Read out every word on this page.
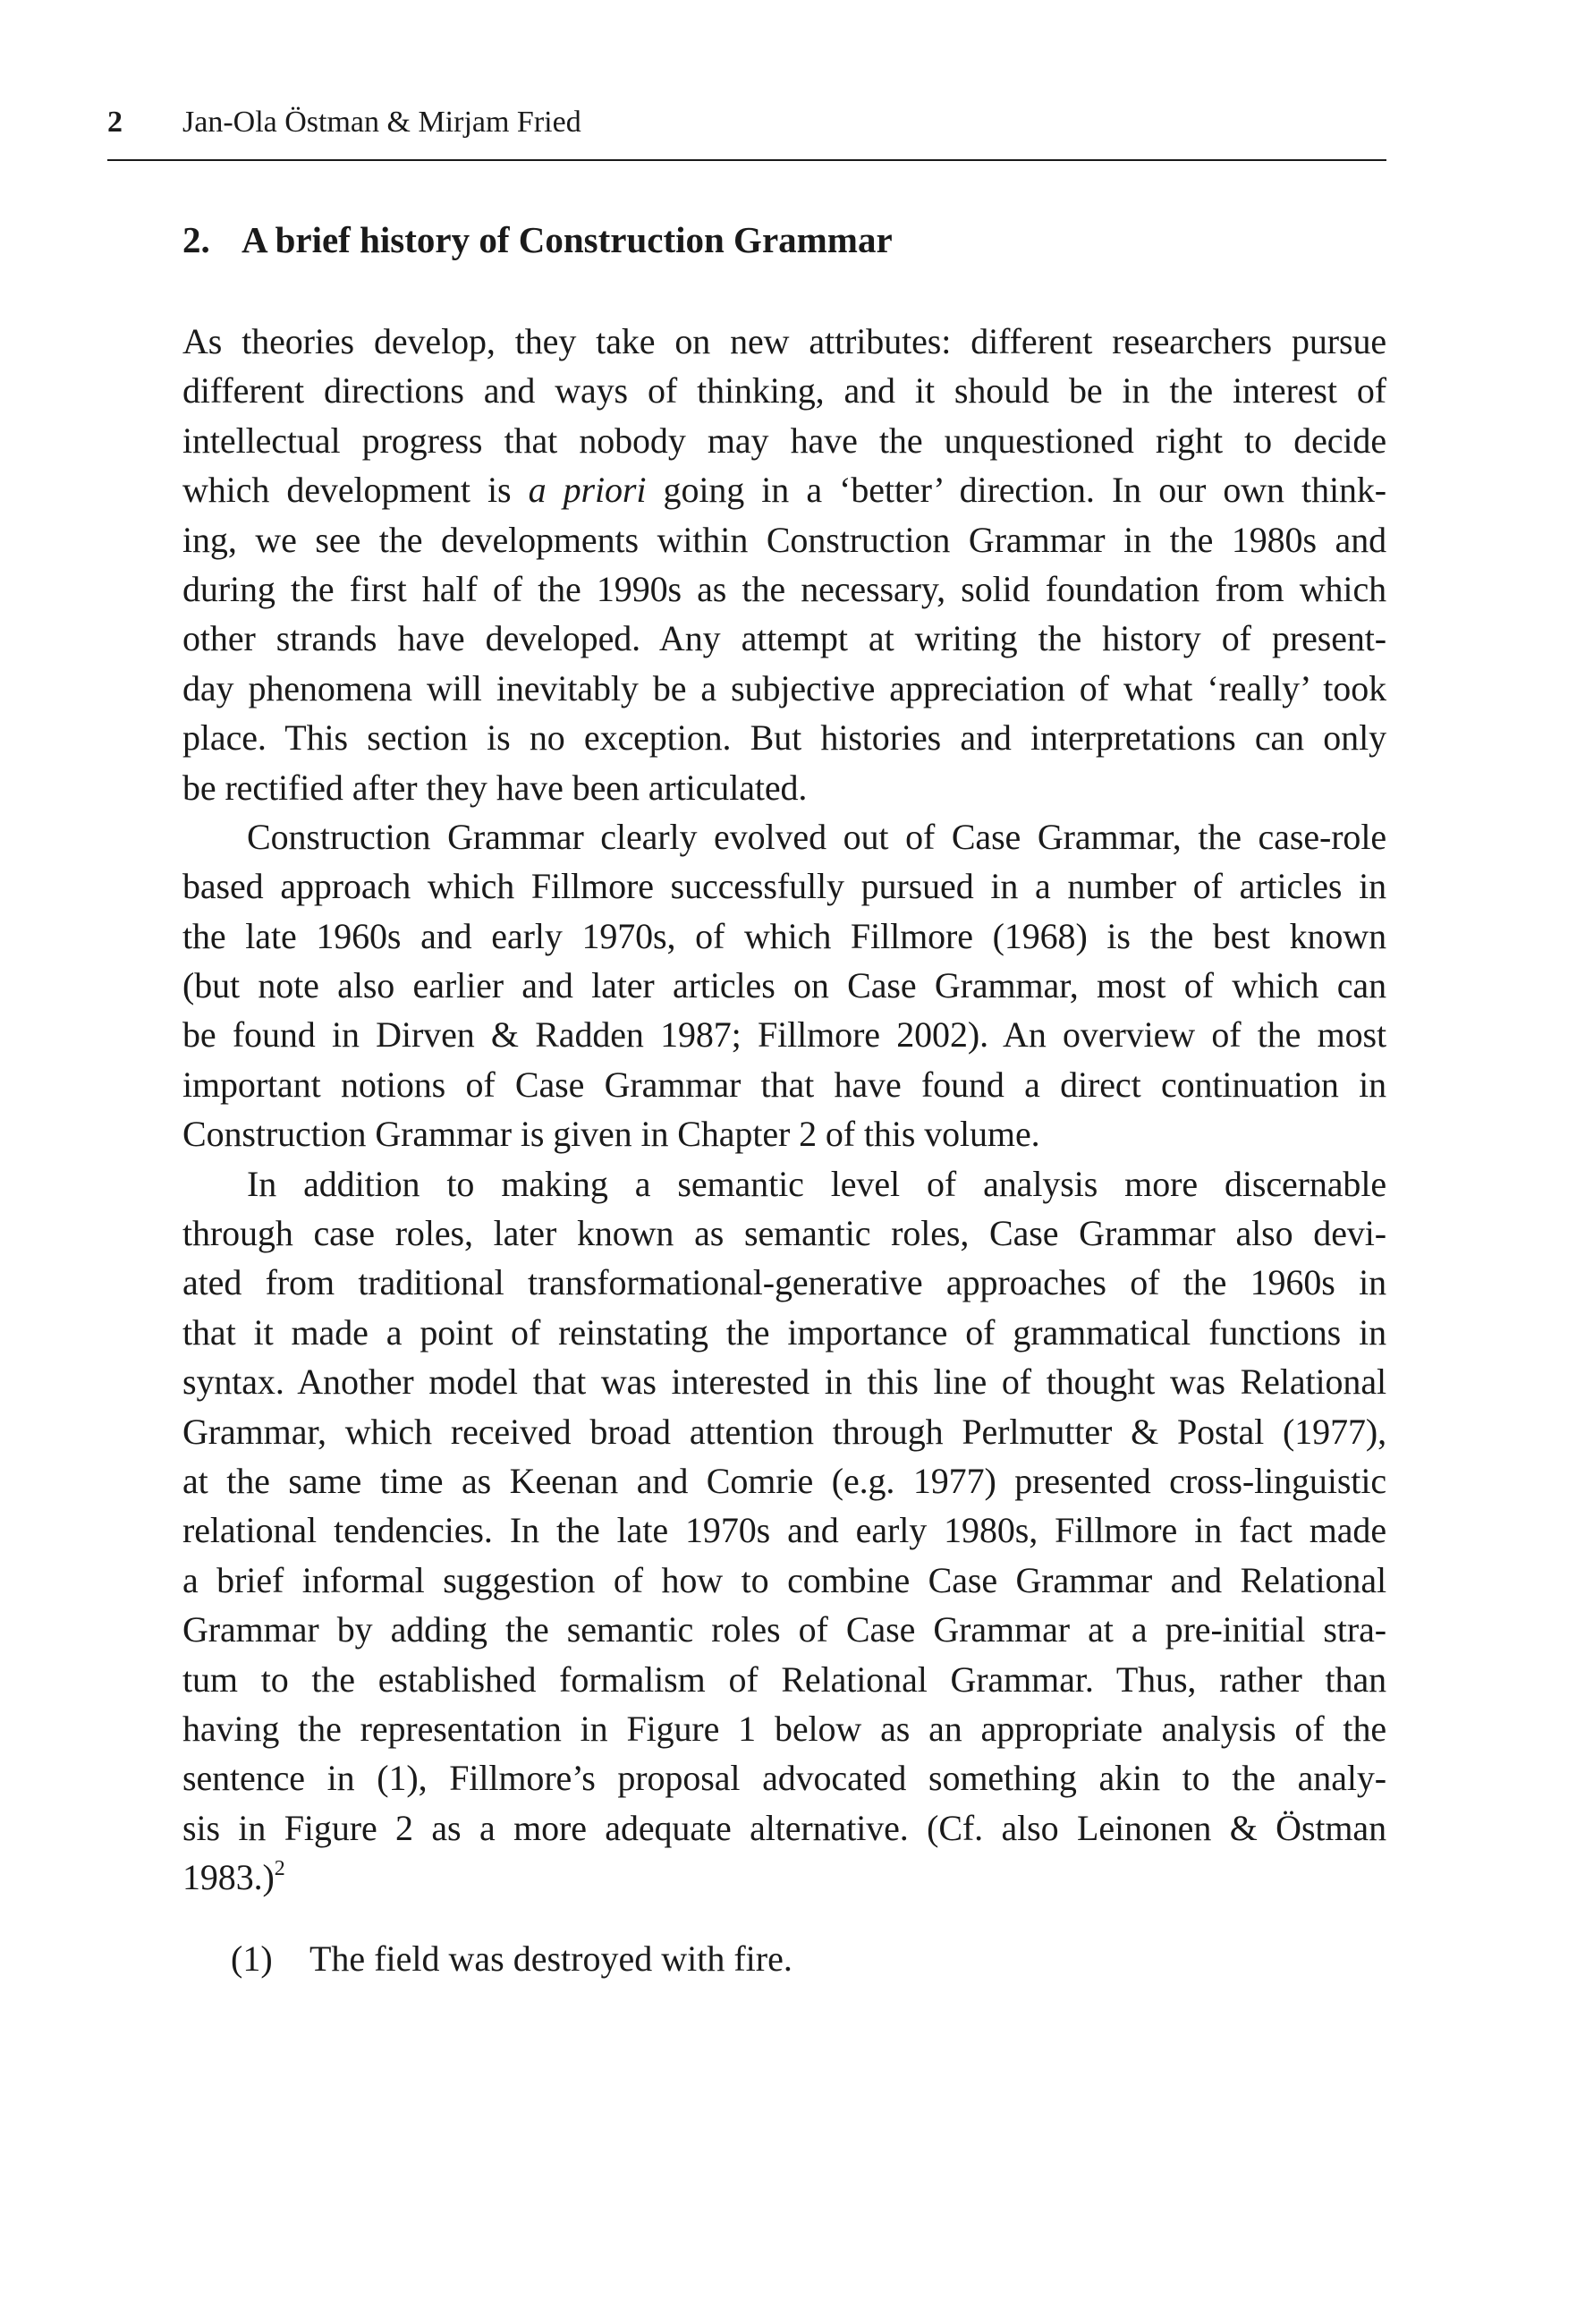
2 Jan-Ola Östman & Mirjam Fried
2. A brief history of Construction Grammar
As theories develop, they take on new attributes: different researchers pursue
different directions and ways of thinking, and it should be in the interest of
intellectual progress that nobody may have the unquestioned right to decide
which development is a priori going in a ‘better’ direction. In our own think-
ing, we see the developments within Construction Grammar in the 1980s and
during the first half of the 1990s as the necessary, solid foundation from which
other strands have developed. Any attempt at writing the history of present-
day phenomena will inevitably be a subjective appreciation of what ‘really’ took
place. This section is no exception. But histories and interpretations can only
be rectified after they have been articulated.
Construction Grammar clearly evolved out of Case Grammar, the case-role
based approach which Fillmore successfully pursued in a number of articles in
the late 1960s and early 1970s, of which Fillmore (1968) is the best known
(but note also earlier and later articles on Case Grammar, most of which can
be found in Dirven & Radden 1987; Fillmore 2002). An overview of the most
important notions of Case Grammar that have found a direct continuation in
Construction Grammar is given in Chapter 2 of this volume.
In addition to making a semantic level of analysis more discernable
through case roles, later known as semantic roles, Case Grammar also devi-
ated from traditional transformational-generative approaches of the 1960s in
that it made a point of reinstating the importance of grammatical functions in
syntax. Another model that was interested in this line of thought was Relational
Grammar, which received broad attention through Perlmutter & Postal (1977),
at the same time as Keenan and Comrie (e.g. 1977) presented cross-linguistic
relational tendencies. In the late 1970s and early 1980s, Fillmore in fact made
a brief informal suggestion of how to combine Case Grammar and Relational
Grammar by adding the semantic roles of Case Grammar at a pre-initial stra-
tum to the established formalism of Relational Grammar. Thus, rather than
having the representation in Figure 1 below as an appropriate analysis of the
sentence in (1), Fillmore’s proposal advocated something akin to the analy-
sis in Figure 2 as a more adequate alternative. (Cf. also Leinonen & Östman
1983.)$^2$
(1) The field was destroyed with fire.
